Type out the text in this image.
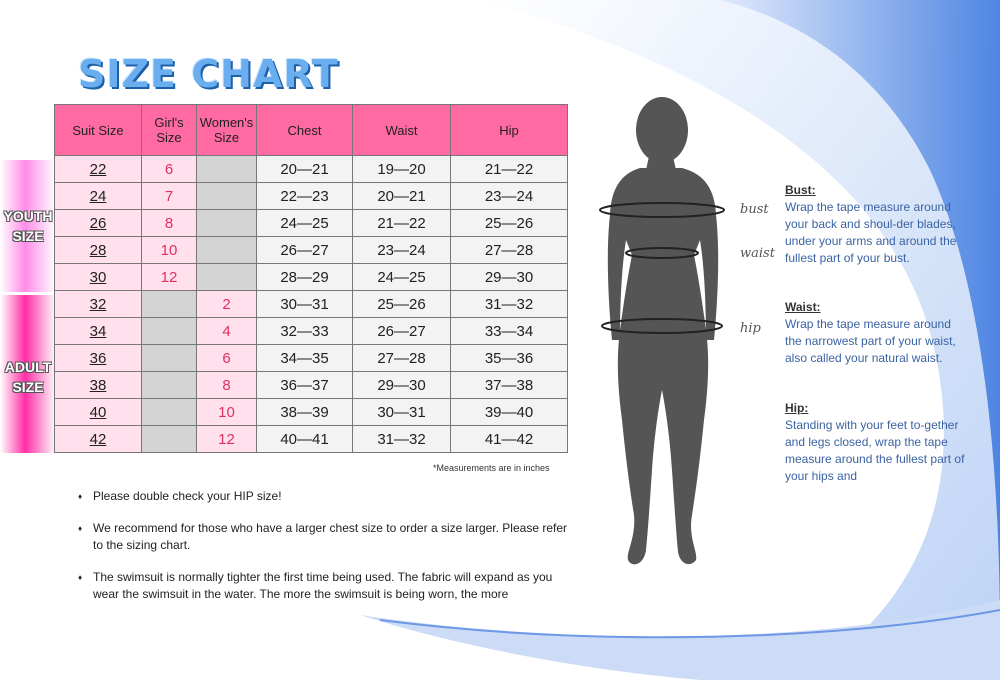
SIZE CHART
YOUTH
SIZE
ADULT
SIZE
Suit Size	Girl's Size	Women's Size	Chest	Waist	Hip
22	6		20—21	19—20	21—22
24	7		22—23	20—21	23—24
26	8		24—25	21—22	25—26
28	10		26—27	23—24	27—28
30	12		28—29	24—25	29—30
32		2	30—31	25—26	31—32
34		4	32—33	26—27	33—34
36		6	34—35	27—28	35—36
38		8	36—37	29—30	37—38
40		10	38—39	30—31	39—40
42		12	40—41	31—32	41—42
*Measurements are in inches
♦ Please double check your HIP size!
♦ We recommend for those who have a larger chest size to order a size larger. Please refer to the sizing chart.
♦ The swimsuit is normally tighter the first time being used. The fabric will expand as you wear the swimsuit in the water. The more the swimsuit is being worn, the more
bust
waist
hip
Bust:
Wrap the tape measure around your back and shoul-der blades, under your arms and around the fullest part of your bust.
Waist:
Wrap the tape measure around the narrowest part of your waist, also called your natural waist.
Hip:
Standing with your feet to-gether and legs closed, wrap the tape measure around the fullest part of your hips and
